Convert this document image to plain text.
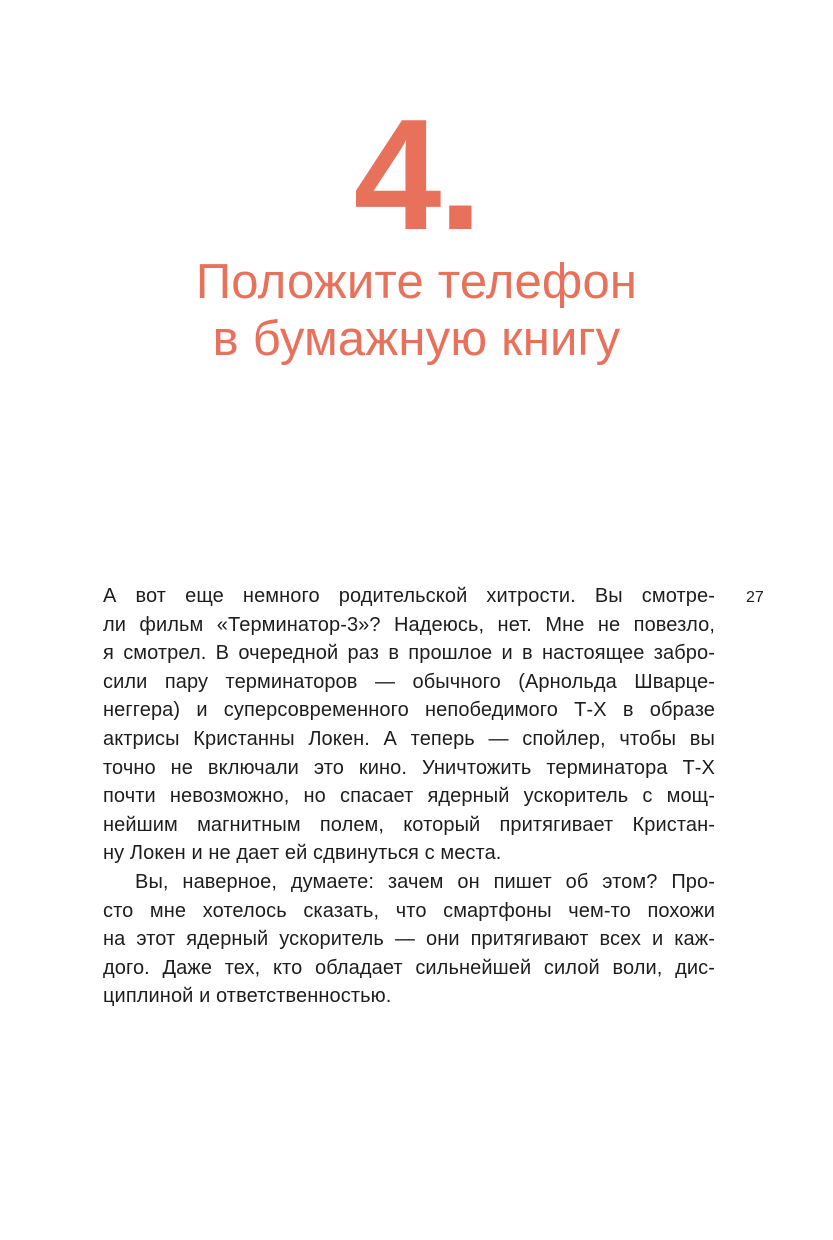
4.
Положите телефон
в бумажную книгу
27

А вот еще немного родительской хитрости. Вы смотре-
ли фильм «Терминатор-3»? Надеюсь, нет. Мне не повезло,
я смотрел. В очередной раз в прошлое и в настоящее забро-
сили пару терминаторов — обычного (Арнольда Шварце-
неггера) и суперсовременного непобедимого Т-Х в образе
актрисы Кристанны Локен. А теперь — спойлер, чтобы вы
точно не включали это кино. Уничтожить терминатора Т-Х
почти невозможно, но спасает ядерный ускоритель с мощ-
нейшим магнитным полем, который притягивает Кристан-
ну Локен и не дает ей сдвинуться с места.

Вы, наверное, думаете: зачем он пишет об этом? Про-
сто мне хотелось сказать, что смартфоны чем-то похожи
на этот ядерный ускоритель — они притягивают всех и каж-
дого. Даже тех, кто обладает сильнейшей силой воли, дис-
циплиной и ответственностью.
